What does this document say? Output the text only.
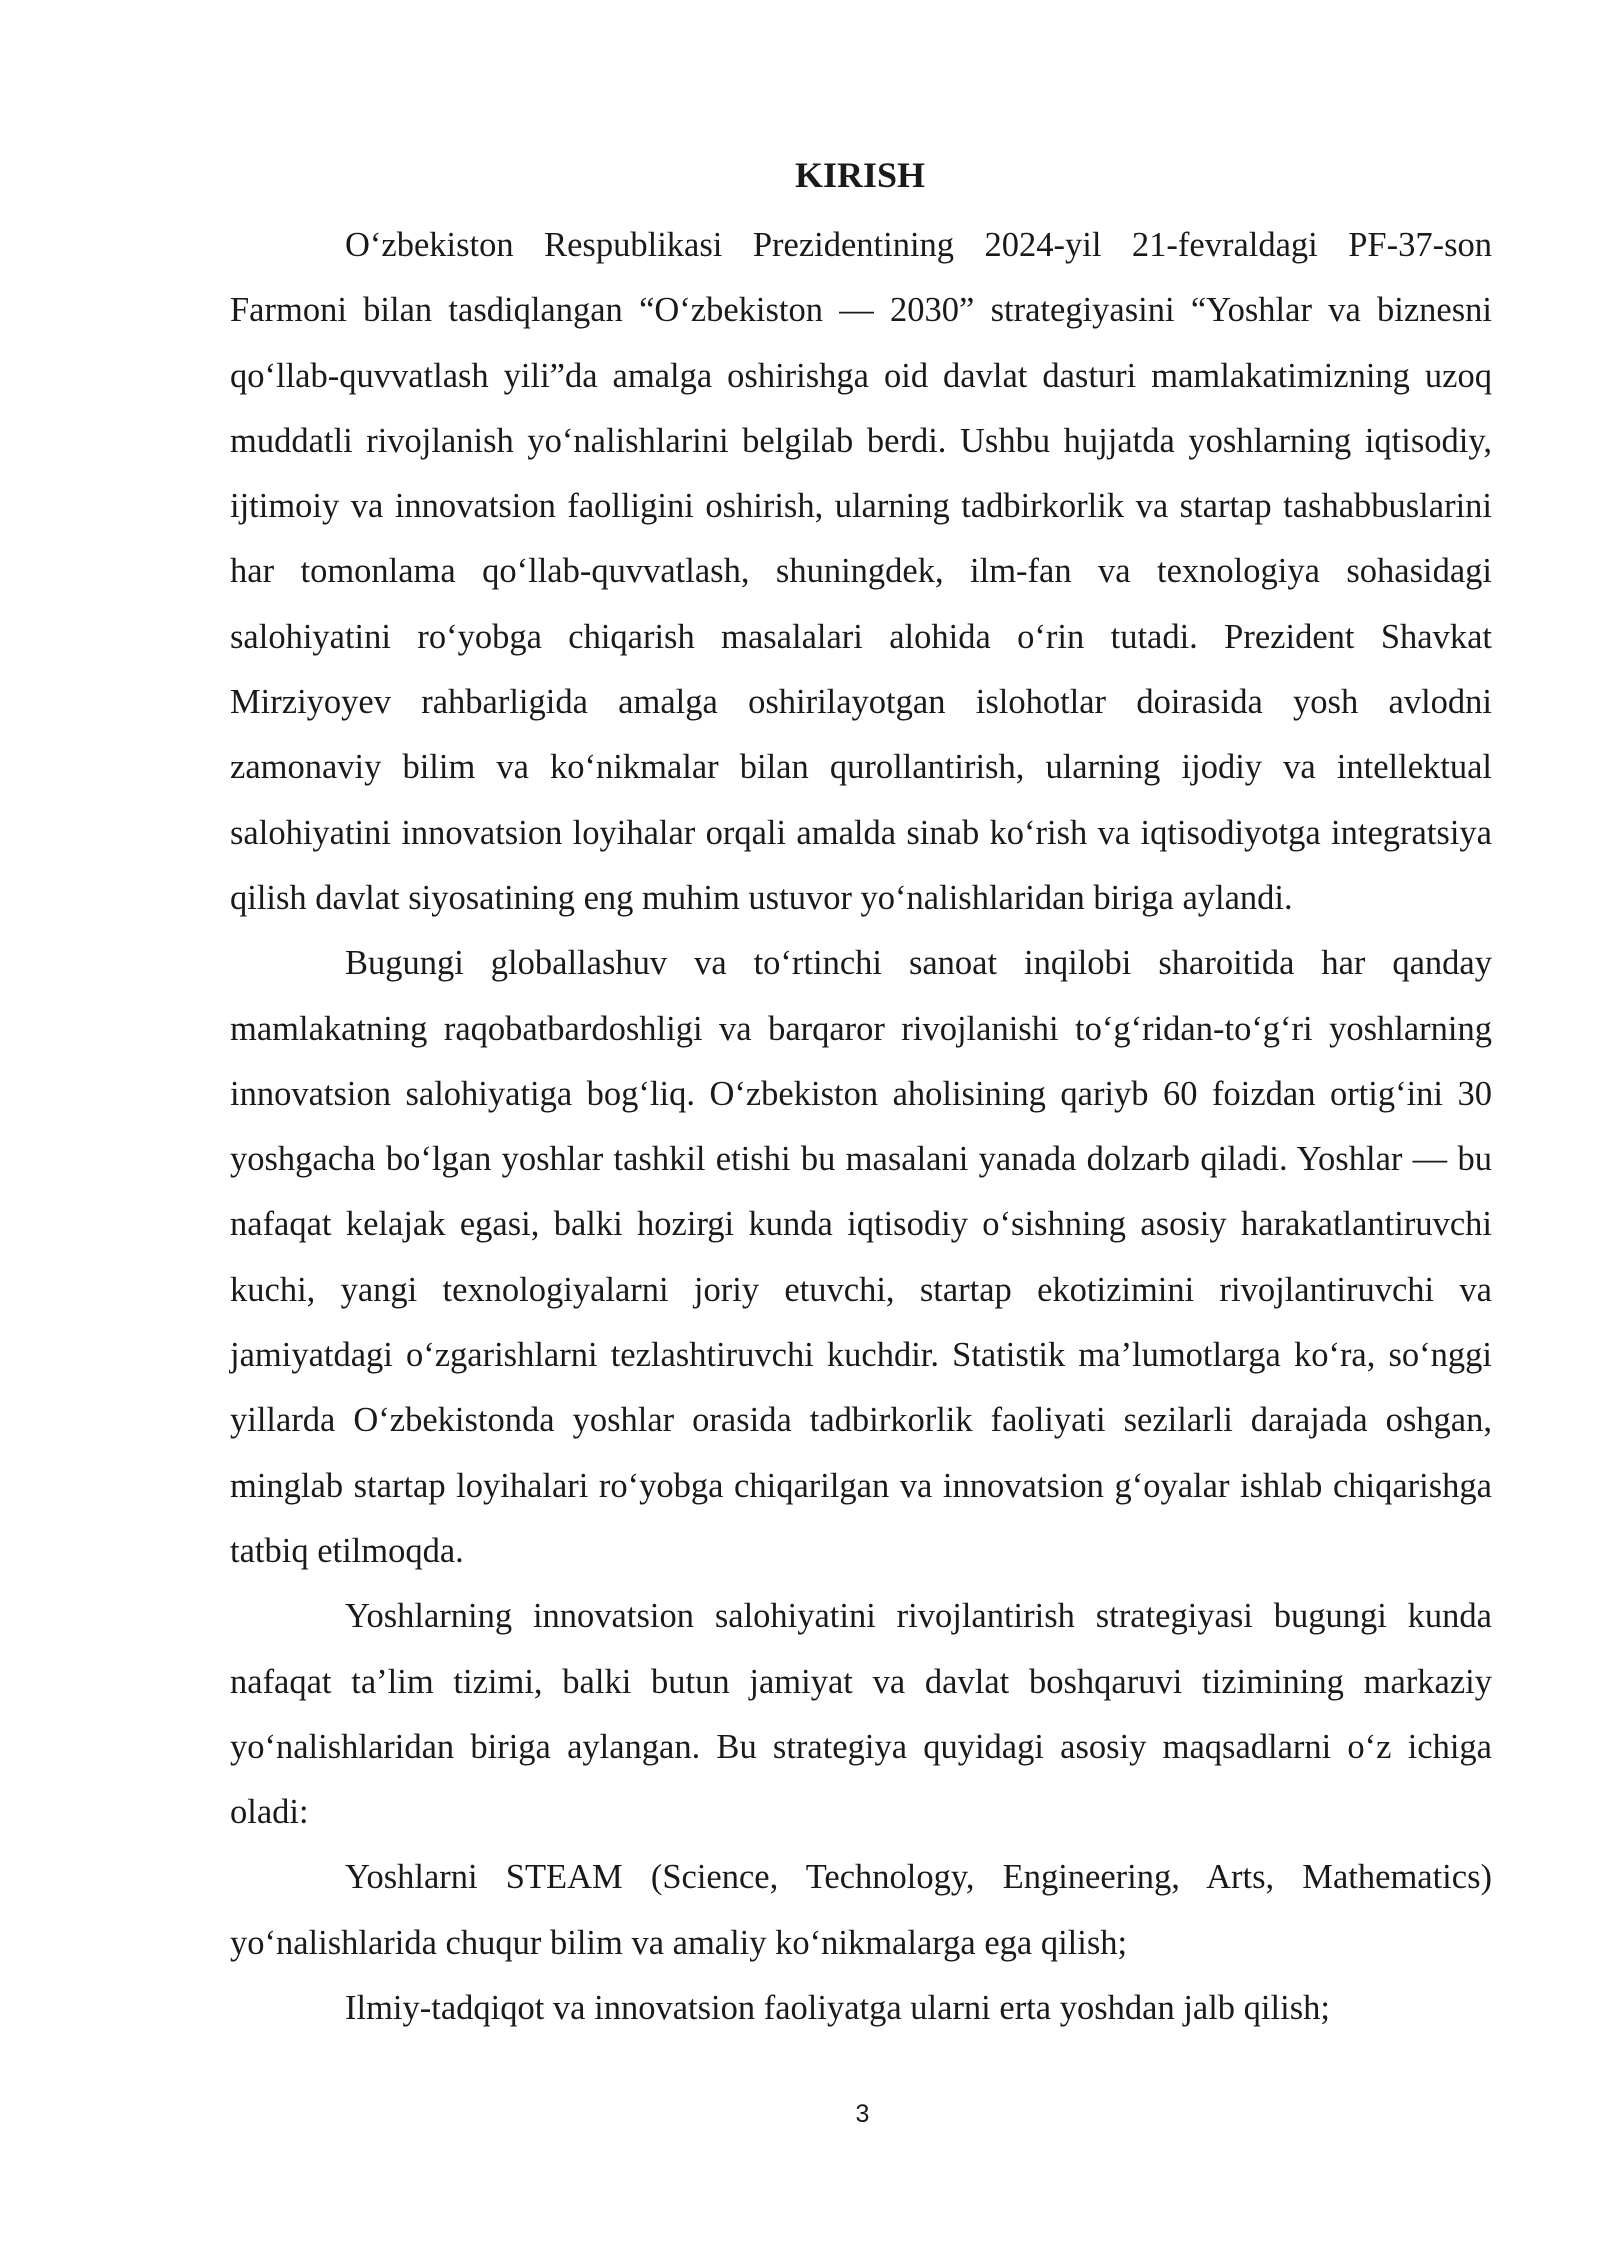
KIRISH

O‘zbekiston Respublikasi Prezidentining 2024-yil 21-fevraldagi PF-37-son Farmoni bilan tasdiqlangan “O‘zbekiston — 2030” strategiyasini “Yoshlar va biznesni qo‘llab-quvvatlash yili”da amalga oshirishga oid davlat dasturi mamlakatimizning uzoq muddatli rivojlanish yo‘nalishlarini belgilab berdi. Ushbu hujjatda yoshlarning iqtisodiy, ijtimoiy va innovatsion faolligini oshirish, ularning tadbirkorlik va startap tashabbuslarini har tomonlama qo‘llab-quvvatlash, shuningdek, ilm-fan va texnologiya sohasidagi salohiyatini ro‘yobga chiqarish masalalari alohida o‘rin tutadi. Prezident Shavkat Mirziyoyev rahbarligida amalga oshirilayotgan islohotlar doirasida yosh avlodni zamonaviy bilim va ko‘nikmalar bilan qurollantirish, ularning ijodiy va intellektual salohiyatini innovatsion loyihalar orqali amalda sinab ko‘rish va iqtisodiyotga integratsiya qilish davlat siyosatining eng muhim ustuvor yo‘nalishlaridan biriga aylandi.

Bugungi globallashuv va to‘rtinchi sanoat inqilobi sharoitida har qanday mamlakatning raqobatbardoshligi va barqaror rivojlanishi to‘g‘ridan-to‘g‘ri yoshlarning innovatsion salohiyatiga bog‘liq. O‘zbekiston aholisining qariyb 60 foizdan ortig‘ini 30 yoshgacha bo‘lgan yoshlar tashkil etishi bu masalani yanada dolzarb qiladi. Yoshlar — bu nafaqat kelajak egasi, balki hozirgi kunda iqtisodiy o‘sishning asosiy harakatlantiruvchi kuchi, yangi texnologiyalarni joriy etuvchi, startap ekotizimini rivojlantiruvchi va jamiyatdagi o‘zgarishlarni tezlashtiruvchi kuchdir. Statistik ma’lumotlarga ko‘ra, so‘nggi yillarda O‘zbekistonda yoshlar orasida tadbirkorlik faoliyati sezilarli darajada oshgan, minglab startap loyihalari ro‘yobga chiqarilgan va innovatsion g‘oyalar ishlab chiqarishga tatbiq etilmoqda.

Yoshlarning innovatsion salohiyatini rivojlantirish strategiyasi bugungi kunda nafaqat ta’lim tizimi, balki butun jamiyat va davlat boshqaruvi tizimining markaziy yo‘nalishlaridan biriga aylangan. Bu strategiya quyidagi asosiy maqsadlarni o‘z ichiga oladi:

Yoshlarni STEAM (Science, Technology, Engineering, Arts, Mathematics) yo‘nalishlarida chuqur bilim va amaliy ko‘nikmalarga ega qilish;

Ilmiy-tadqiqot va innovatsion faoliyatga ularni erta yoshdan jalb qilish;

3
